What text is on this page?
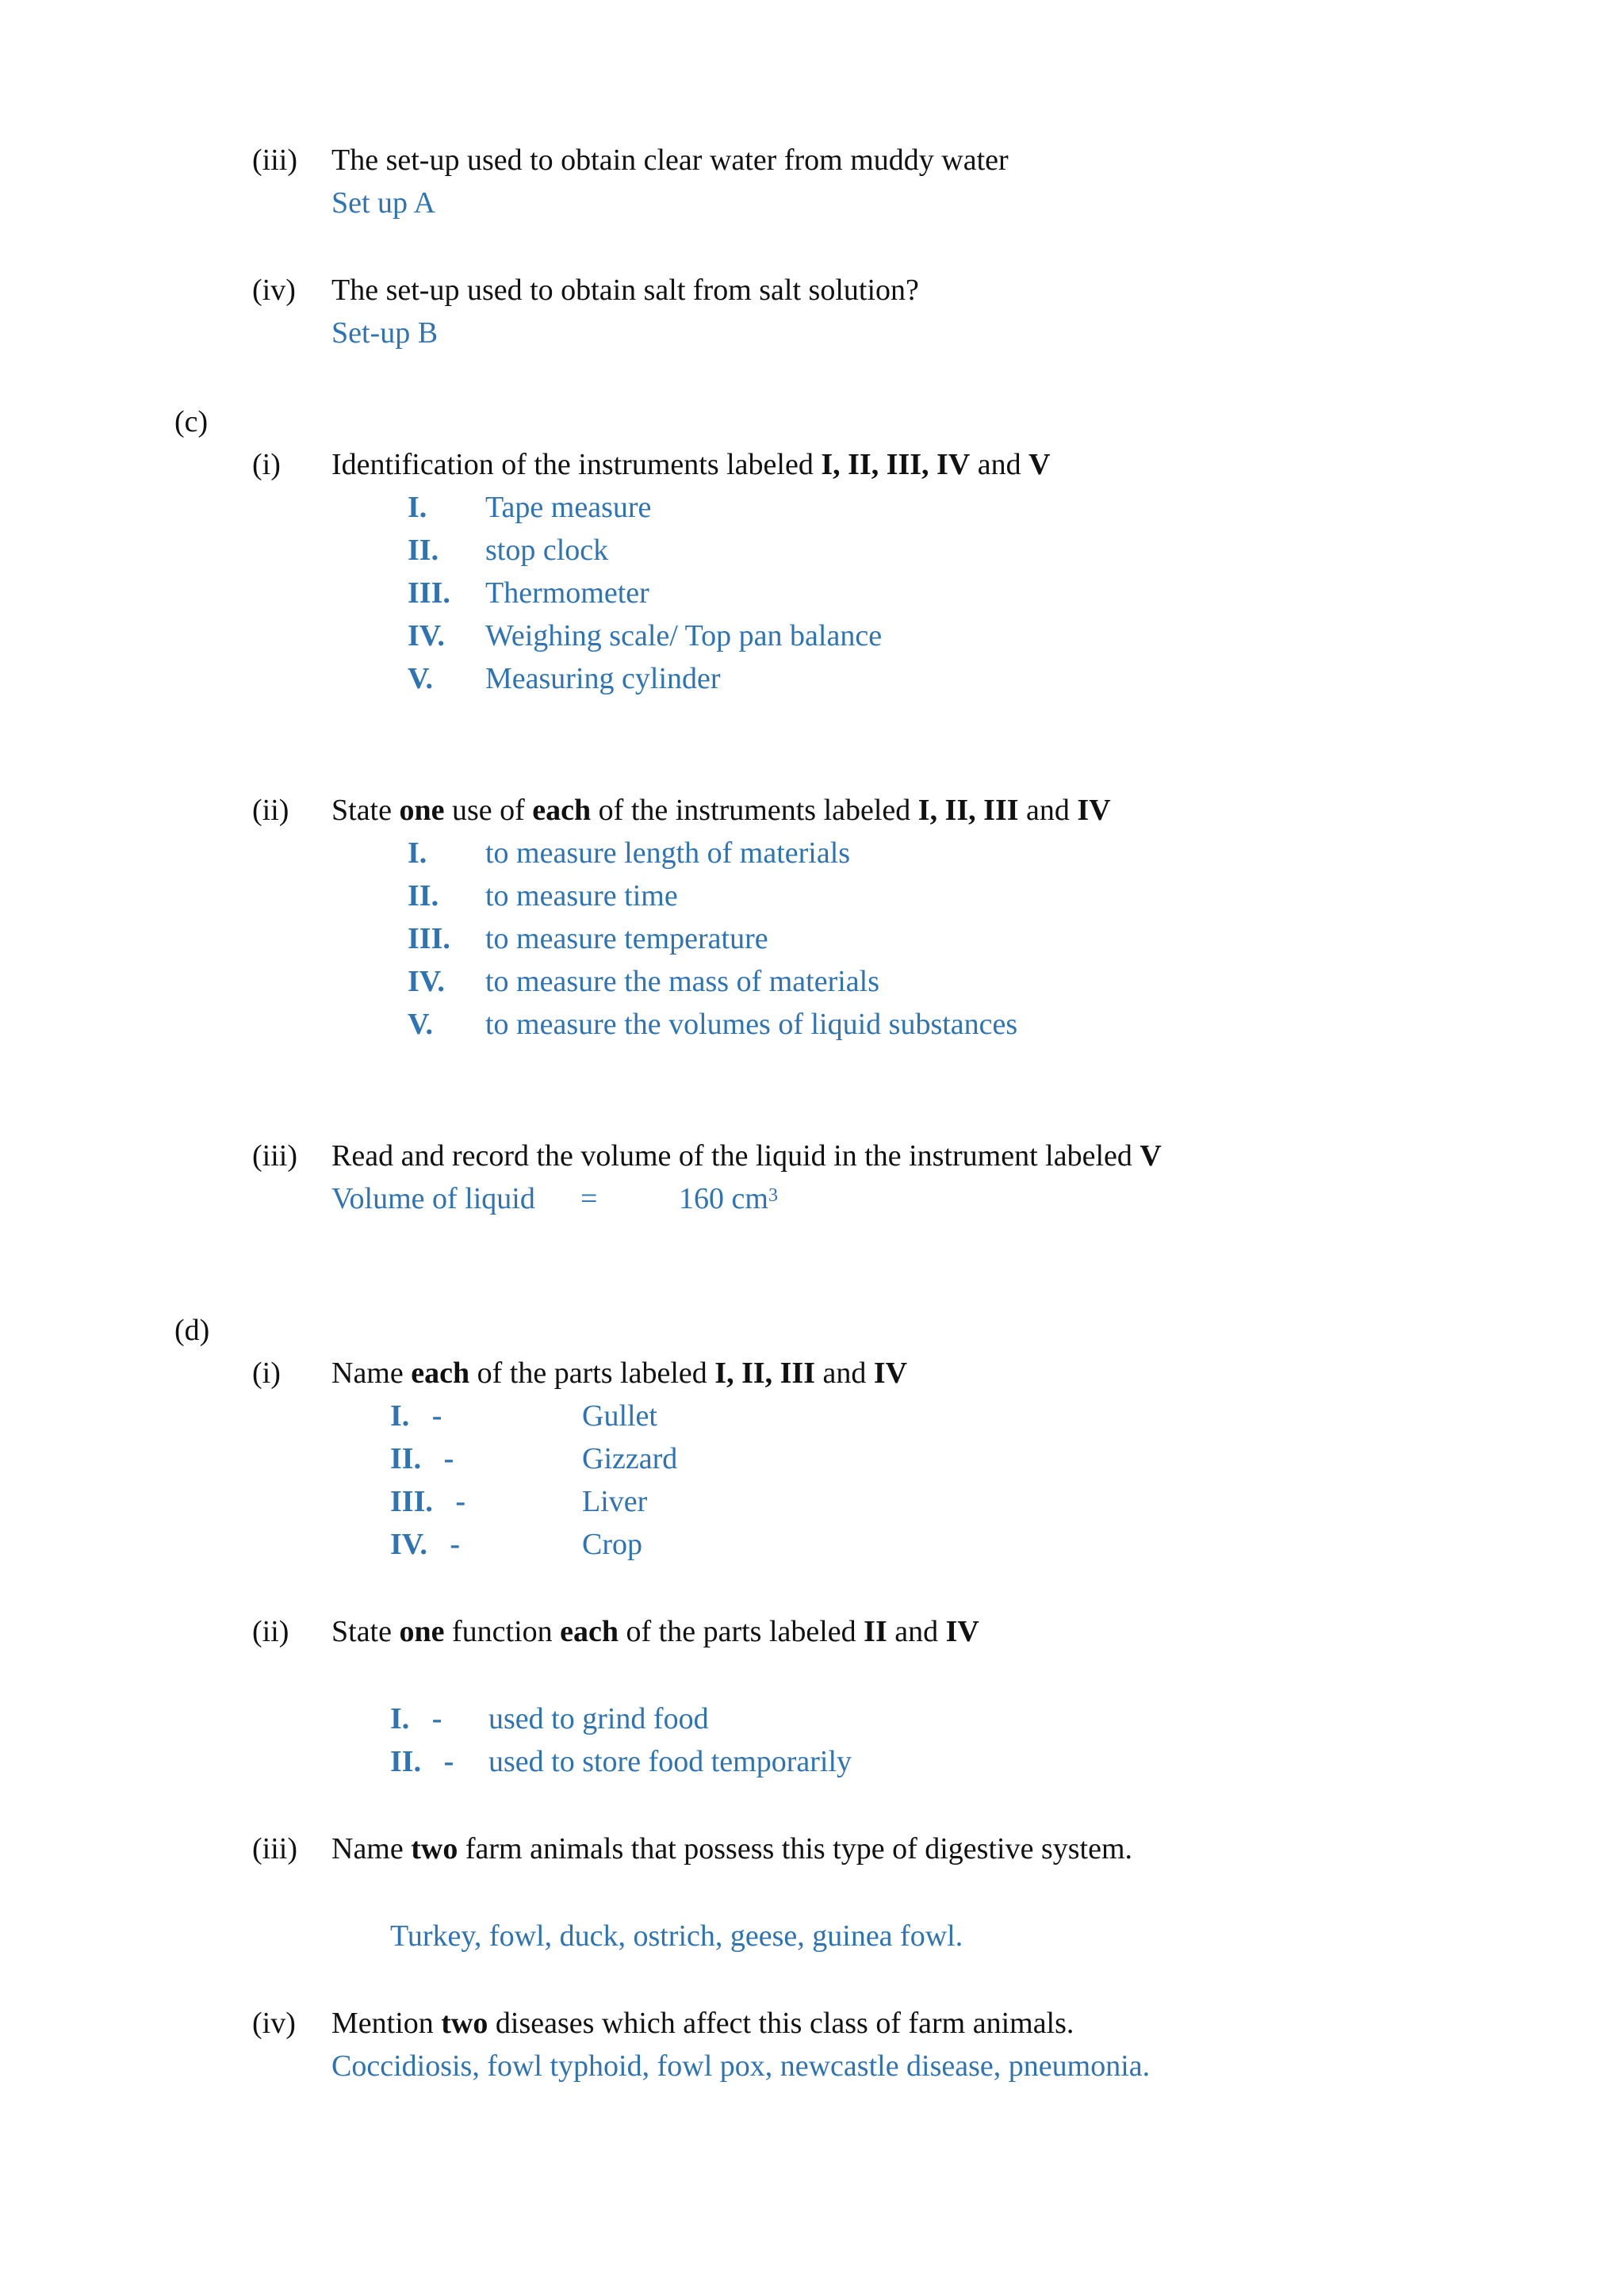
(iii) The set-up used to obtain clear water from muddy water
Set up A
(iv) The set-up used to obtain salt from salt solution?
Set-up B
(c)
(i) Identification of the instruments labeled I, II, III, IV and V
I. Tape measure
II. stop clock
III. Thermometer
IV. Weighing scale/ Top pan balance
V. Measuring cylinder
(ii) State one use of each of the instruments labeled I, II, III and IV
I. to measure length of materials
II. to measure time
III. to measure temperature
IV. to measure the mass of materials
V. to measure the volumes of liquid substances
(iii) Read and record the volume of the liquid in the instrument labeled V
Volume of liquid =	160 $cm^3$
(d)
(i) Name each of the parts labeled I, II, III and IV
I.   -	Gullet
II.   -	Gizzard
III.   -	Liver
IV.   -	Crop
(ii) State one function each of the parts labeled II and IV
I.   - used to grind food
II.   - used to store food temporarily
(iii) Name two farm animals that possess this type of digestive system.
Turkey, fowl, duck, ostrich, geese, guinea fowl.
(iv) Mention two diseases which affect this class of farm animals.
Coccidiosis, fowl typhoid, fowl pox, newcastle disease, pneumonia.
